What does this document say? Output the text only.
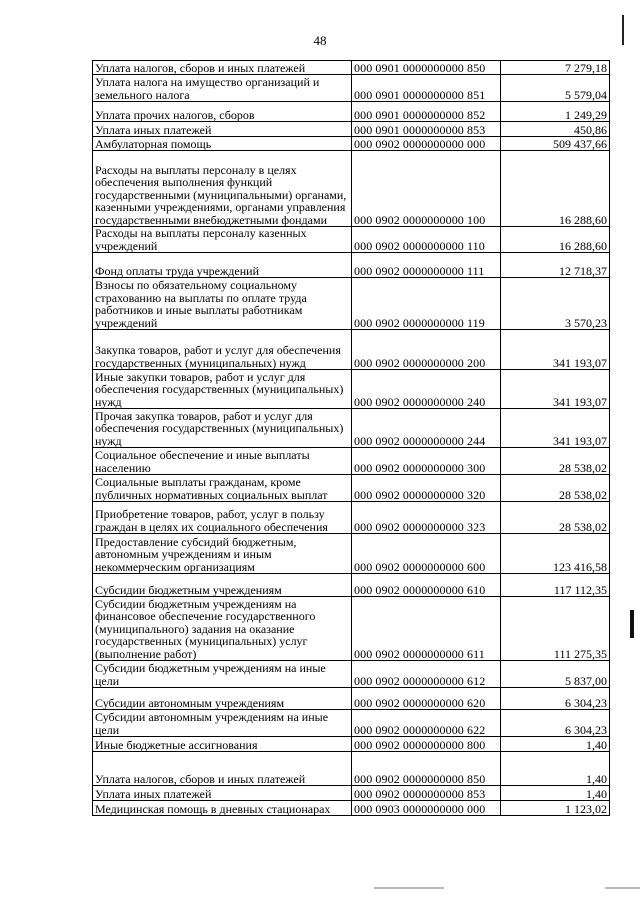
48
Уплата налогов, сборов и иных платежей	000 0901 0000000000 850	7 279,18
Уплата налога на имущество организаций и земельного налога	000 0901 0000000000 851	5 579,04
Уплата прочих налогов, сборов	000 0901 0000000000 852	1 249,29
Уплата иных платежей	000 0901 0000000000 853	450,86
Амбулаторная помощь	000 0902 0000000000 000	509 437,66
Расходы на выплаты персоналу в целях обеспечения выполнения функций государственными (муниципальными) органами, казенными учреждениями, органами управления государственными внебюджетными фондами	000 0902 0000000000 100	16 288,60
Расходы на выплаты персоналу казенных учреждений	000 0902 0000000000 110	16 288,60
Фонд оплаты труда учреждений	000 0902 0000000000 111	12 718,37
Взносы по обязательному социальному страхованию на выплаты по оплате труда работников и иные выплаты работникам учреждений	000 0902 0000000000 119	3 570,23
Закупка товаров, работ и услуг для обеспечения государственных (муниципальных) нужд	000 0902 0000000000 200	341 193,07
Иные закупки товаров, работ и услуг для обеспечения государственных (муниципальных) нужд	000 0902 0000000000 240	341 193,07
Прочая закупка товаров, работ и услуг для обеспечения государственных (муниципальных) нужд	000 0902 0000000000 244	341 193,07
Социальное обеспечение и иные выплаты населению	000 0902 0000000000 300	28 538,02
Социальные выплаты гражданам, кроме публичных нормативных социальных выплат	000 0902 0000000000 320	28 538,02
Приобретение товаров, работ, услуг в пользу граждан в целях их социального обеспечения	000 0902 0000000000 323	28 538,02
Предоставление субсидий бюджетным, автономным учреждениям и иным некоммерческим организациям	000 0902 0000000000 600	123 416,58
Субсидии бюджетным учреждениям	000 0902 0000000000 610	117 112,35
Субсидии бюджетным учреждениям на финансовое обеспечение государственного (муниципального) задания на оказание государственных (муниципальных) услуг (выполнение работ)	000 0902 0000000000 611	111 275,35
Субсидии бюджетным учреждениям на иные цели	000 0902 0000000000 612	5 837,00
Субсидии автономным учреждениям	000 0902 0000000000 620	6 304,23
Субсидии автономным учреждениям на иные цели	000 0902 0000000000 622	6 304,23
Иные бюджетные ассигнования	000 0902 0000000000 800	1,40
Уплата налогов, сборов и иных платежей	000 0902 0000000000 850	1,40
Уплата иных платежей	000 0902 0000000000 853	1,40
Медицинская помощь в дневных стационарах	000 0903 0000000000 000	1 123,02
